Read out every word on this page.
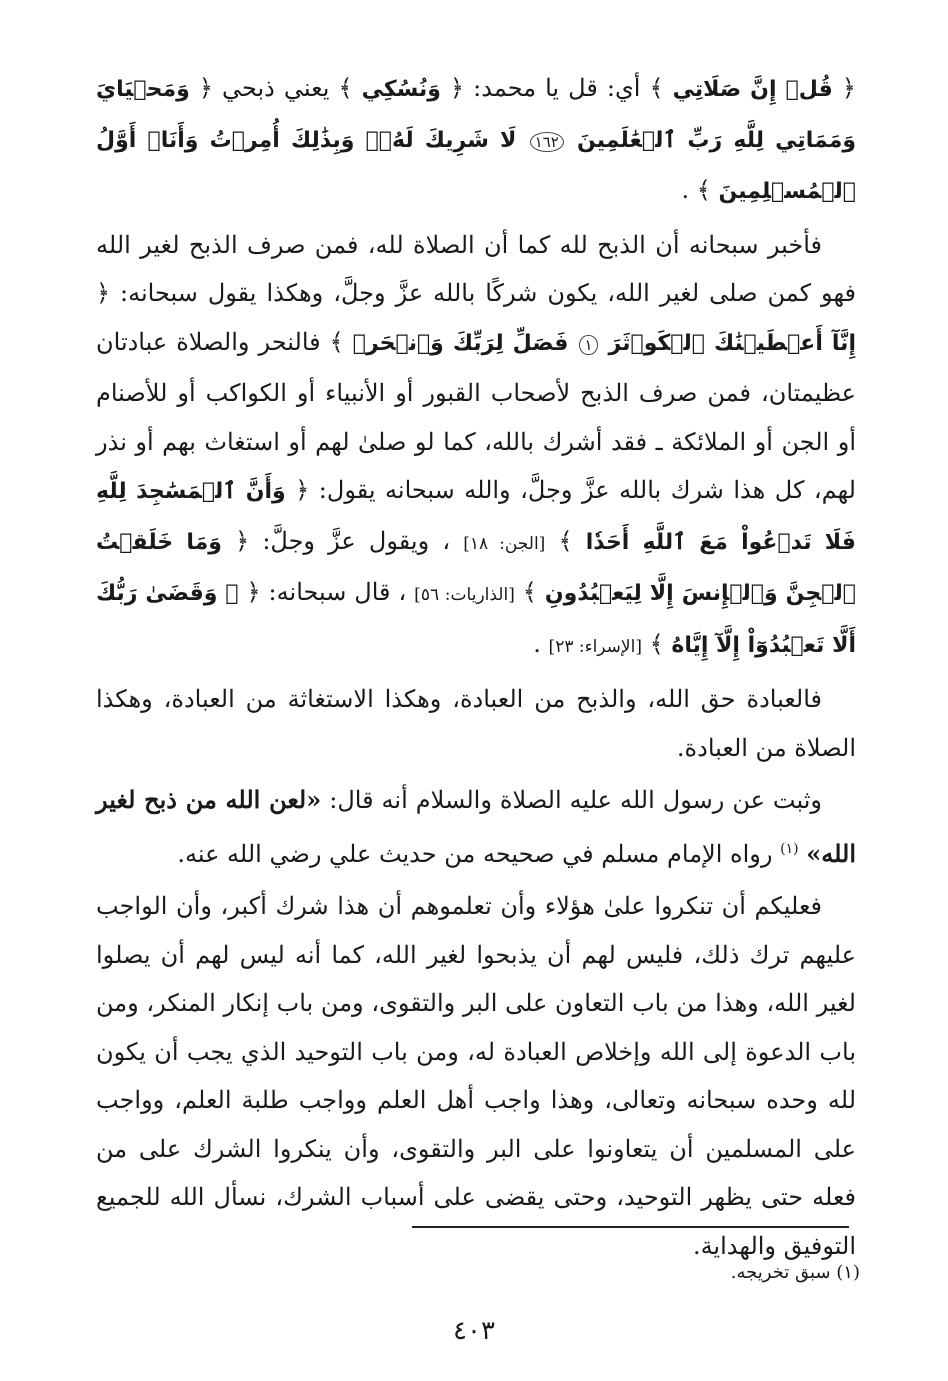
﴿ قُلۡ إِنَّ صَلَاتِي ﴾ أي: قل يا محمد: ﴿ وَنُسُكِي ﴾ يعني ذبحي ﴿ وَمَحۡيَايَ وَمَمَاتِي لِلَّهِ رَبِّ ٱلۡعَٰلَمِينَ ١٦٢ لَا شَرِيكَ لَهُۥۖ وَبِذَٰلِكَ أُمِرۡتُ وَأَنَا۠ أَوَّلُ ٱلۡمُسۡلِمِينَ ﴾ .

فأخبر سبحانه أن الذبح لله كما أن الصلاة لله، فمن صرف الذبح لغير الله فهو كمن صلى لغير الله، يكون شركًا بالله عزَّ وجلَّ، وهكذا يقول سبحانه: ﴿ إِنَّآ أَعۡطَيۡنَٰكَ ٱلۡكَوۡثَرَ ١ فَصَلِّ لِرَبِّكَ وَٱنۡحَرۡ ﴾ فالنحر والصلاة عبادتان عظيمتان، فمن صرف الذبح لأصحاب القبور أو الأنبياء أو الكواكب أو للأصنام أو الجن أو الملائكة ـ فقد أشرك بالله، كما لو صلىٰ لهم أو استغاث بهم أو نذر لهم، كل هذا شرك بالله عزَّ وجلَّ، والله سبحانه يقول: ﴿ وَأَنَّ ٱلۡمَسَٰجِدَ لِلَّهِ فَلَا تَدۡعُواْ مَعَ ٱللَّهِ أَحَدٗا ﴾ [الجن: ١٨] ، ويقول عزَّ وجلَّ: ﴿ وَمَا خَلَقۡتُ ٱلۡجِنَّ وَٱلۡإِنسَ إِلَّا لِيَعۡبُدُونِ ﴾ [الذاريات: ٥٦] ، قال سبحانه: ﴿ ۞ وَقَضَىٰ رَبُّكَ أَلَّا تَعۡبُدُوٓاْ إِلَّآ إِيَّاهُ ﴾ [الإسراء: ٢٣] .

فالعبادة حق الله، والذبح من العبادة، وهكذا الاستغاثة من العبادة، وهكذا الصلاة من العبادة.

وثبت عن رسول الله عليه الصلاة والسلام أنه قال: «لعن الله من ذبح لغير الله» $^{(١)}$ رواه الإمام مسلم في صحيحه من حديث علي رضي الله عنه.

فعليكم أن تنكروا علىٰ هؤلاء وأن تعلموهم أن هذا شرك أكبر، وأن الواجب عليهم ترك ذلك، فليس لهم أن يذبحوا لغير الله، كما أنه ليس لهم أن يصلوا لغير الله، وهذا من باب التعاون على البر والتقوى، ومن باب إنكار المنكر، ومن باب الدعوة إلى الله وإخلاص العبادة له، ومن باب التوحيد الذي يجب أن يكون لله وحده سبحانه وتعالى، وهذا واجب أهل العلم وواجب طلبة العلم، وواجب على المسلمين أن يتعاونوا على البر والتقوى، وأن ينكروا الشرك على من فعله حتى يظهر التوحيد، وحتى يقضى على أسباب الشرك، نسأل الله للجميع التوفيق والهداية.

(١) سبق تخريجه.
٤٠٣
